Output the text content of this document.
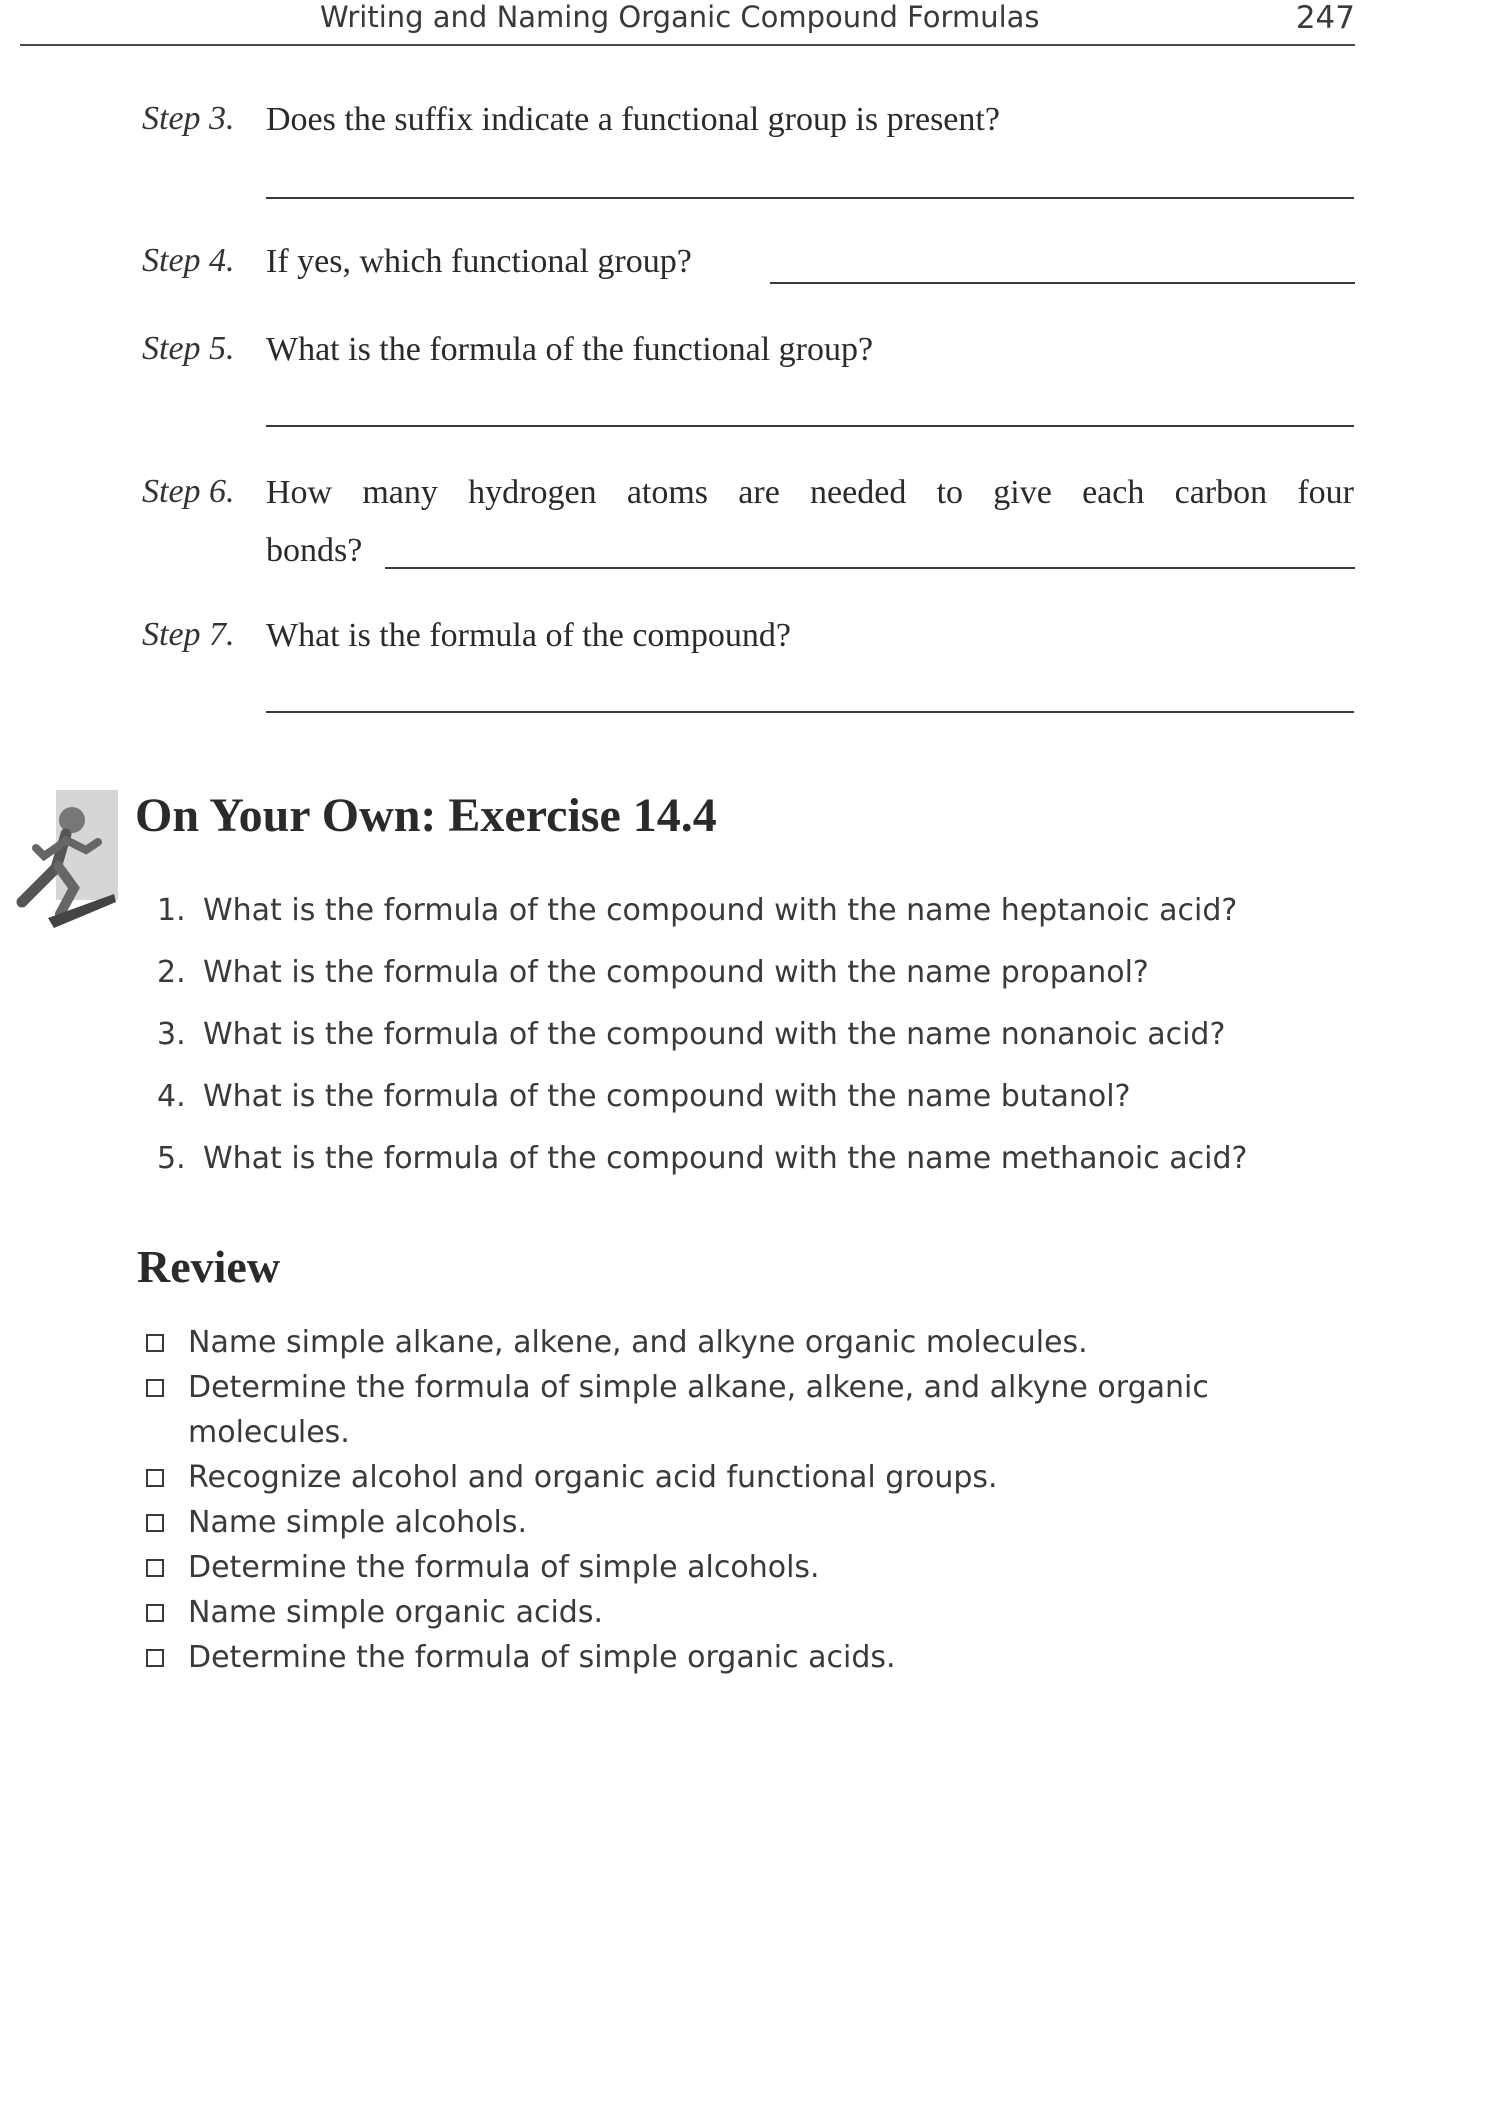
Writing and Naming Organic Compound Formulas	247
Step 3. Does the suffix indicate a functional group is present?
Step 4. If yes, which functional group?
Step 5. What is the formula of the functional group?
Step 6. How many hydrogen atoms are needed to give each carbon four
bonds?
Step 7. What is the formula of the compound?
On Your Own: Exercise 14.4
1. What is the formula of the compound with the name heptanoic acid?
2. What is the formula of the compound with the name propanol?
3. What is the formula of the compound with the name nonanoic acid?
4. What is the formula of the compound with the name butanol?
5. What is the formula of the compound with the name methanoic acid?
Review
Name simple alkane, alkene, and alkyne organic molecules.
Determine the formula of simple alkane, alkene, and alkyne organic molecules.
Recognize alcohol and organic acid functional groups.
Name simple alcohols.
Determine the formula of simple alcohols.
Name simple organic acids.
Determine the formula of simple organic acids.
